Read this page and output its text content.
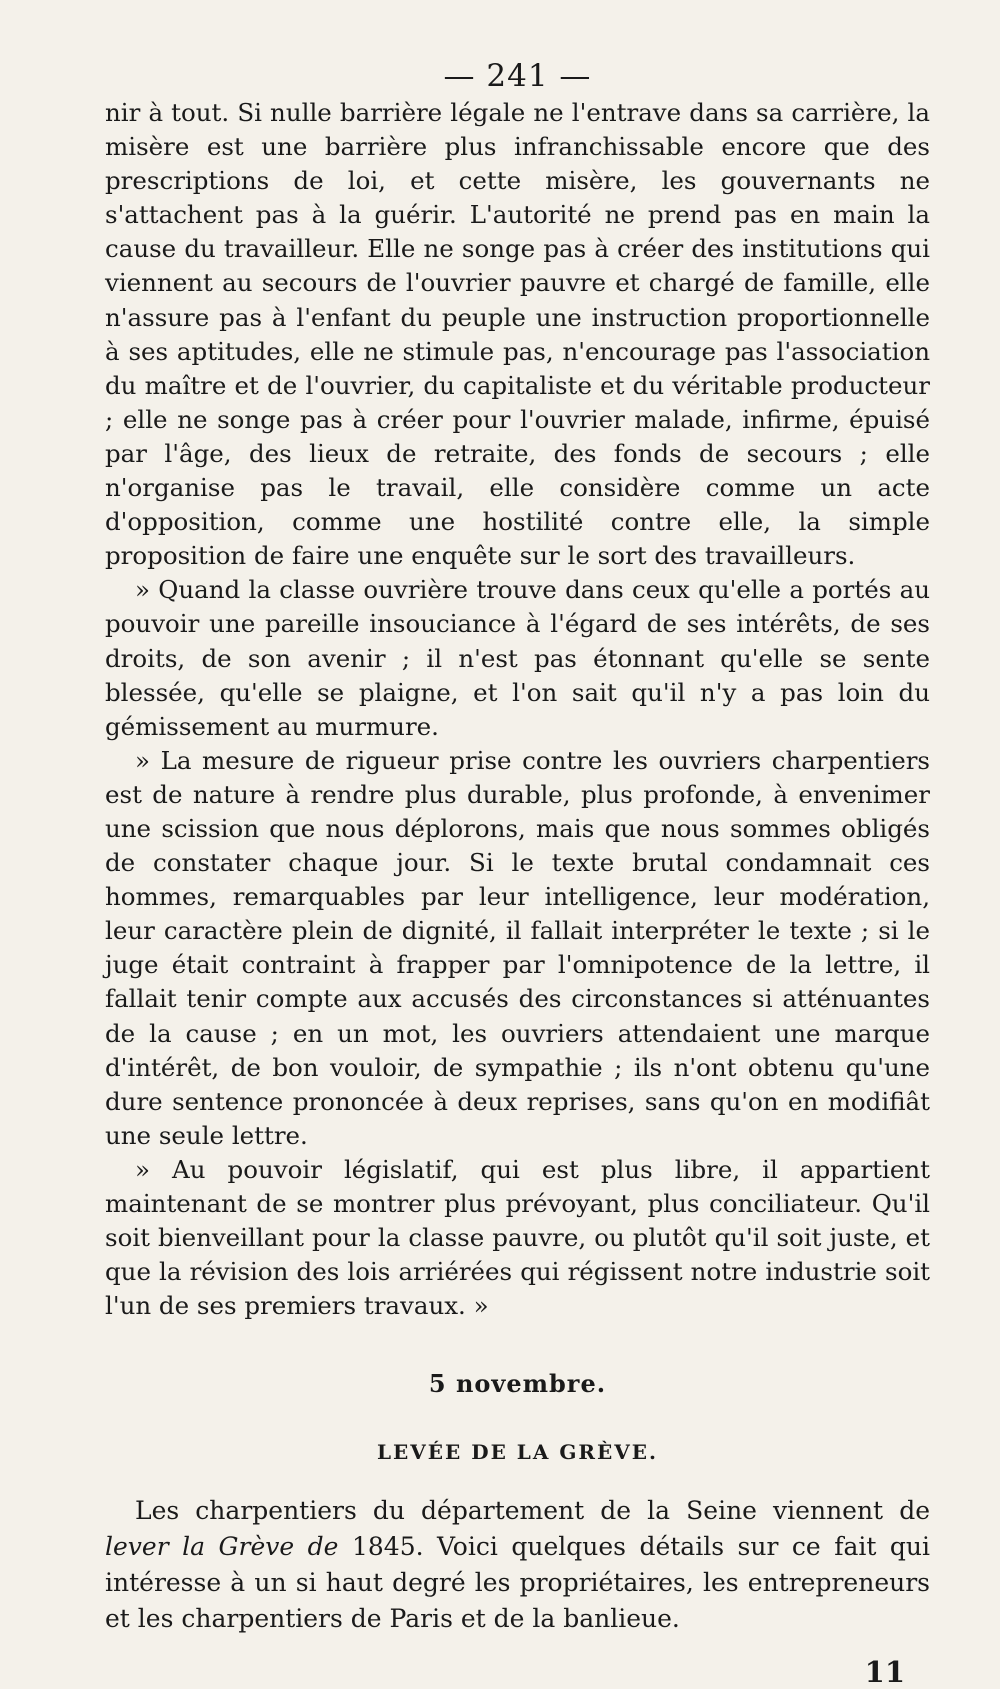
— 241 —

nir à tout. Si nulle barrière légale ne l'entrave dans sa carrière, la misère est une barrière plus infranchissable encore que des prescriptions de loi, et cette misère, les gouvernants ne s'attachent pas à la guérir. L'autorité ne prend pas en main la cause du travailleur. Elle ne songe pas à créer des institutions qui viennent au secours de l'ouvrier pauvre et chargé de famille, elle n'assure pas à l'enfant du peuple une instruction proportionnelle à ses aptitudes, elle ne stimule pas, n'encourage pas l'association du maître et de l'ouvrier, du capitaliste et du véritable producteur ; elle ne songe pas à créer pour l'ouvrier malade, infirme, épuisé par l'âge, des lieux de retraite, des fonds de secours ; elle n'organise pas le travail, elle considère comme un acte d'opposition, comme une hostilité contre elle, la simple proposition de faire une enquête sur le sort des travailleurs.

» Quand la classe ouvrière trouve dans ceux qu'elle a portés au pouvoir une pareille insouciance à l'égard de ses intérêts, de ses droits, de son avenir ; il n'est pas étonnant qu'elle se sente blessée, qu'elle se plaigne, et l'on sait qu'il n'y a pas loin du gémissement au murmure.

» La mesure de rigueur prise contre les ouvriers charpentiers est de nature à rendre plus durable, plus profonde, à envenimer une scission que nous déplorons, mais que nous sommes obligés de constater chaque jour. Si le texte brutal condamnait ces hommes, remarquables par leur intelligence, leur modération, leur caractère plein de dignité, il fallait interpréter le texte ; si le juge était contraint à frapper par l'omnipotence de la lettre, il fallait tenir compte aux accusés des circonstances si atténuantes de la cause ; en un mot, les ouvriers attendaient une marque d'intérêt, de bon vouloir, de sympathie ; ils n'ont obtenu qu'une dure sentence prononcée à deux reprises, sans qu'on en modifiât une seule lettre.

» Au pouvoir législatif, qui est plus libre, il appartient maintenant de se montrer plus prévoyant, plus conciliateur. Qu'il soit bienveillant pour la classe pauvre, ou plutôt qu'il soit juste, et que la révision des lois arriérées qui régissent notre industrie soit l'un de ses premiers travaux. »

5 novembre.
LEVÉE DE LA GRÈVE.

Les charpentiers du département de la Seine viennent de lever la Grève de 1845. Voici quelques détails sur ce fait qui intéresse à un si haut degré les propriétaires, les entrepreneurs et les charpentiers de Paris et de la banlieue.

11
